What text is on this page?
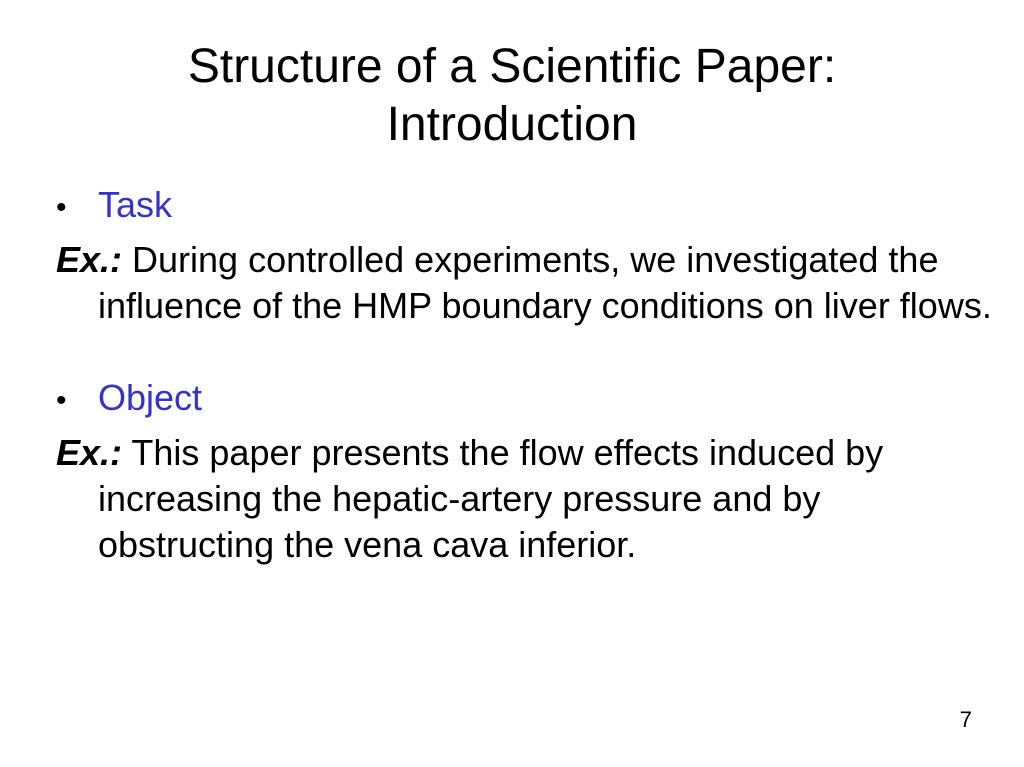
Structure of a Scientific Paper:
Introduction
• Task

Ex.: During controlled experiments, we investigated the influence of the HMP boundary conditions on liver flows.

• Object

Ex.: This paper presents the flow effects induced by increasing the hepatic-artery pressure and by obstructing the vena cava inferior.

7
